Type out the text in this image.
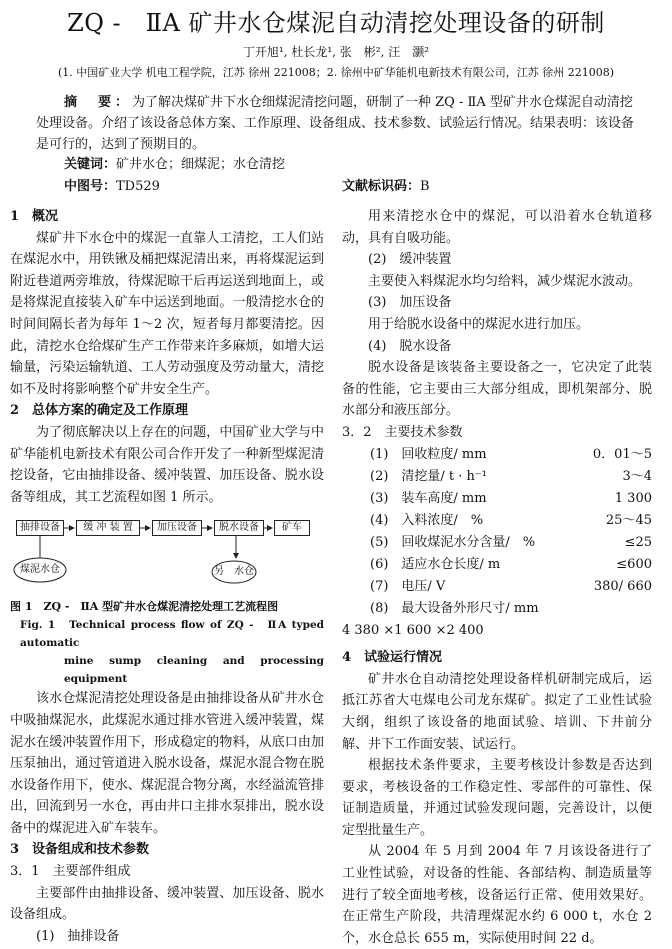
ZQ -　ⅡA 矿井水仓煤泥自动清挖处理设备的研制
丁开旭¹, 杜长龙¹, 张　彬², 汪　灏²
(1. 中国矿业大学 机电工程学院，江苏 徐州 221008；2. 徐州中矿华能机电新技术有限公司，江苏 徐州 221008)

摘　要：为了解决煤矿井下水仓细煤泥清挖问题，研制了一种 ZQ - ⅡA 型矿井水仓煤泥自动清挖处理设备。介绍了该设备总体方案、工作原理、设备组成、技术参数、试验运行情况。结果表明：该设备是可行的，达到了预期目的。

关键词：矿井水仓；细煤泥；水仓清挖
中图号：TD529	文献标识码：B

1　概况

煤矿井下水仓中的煤泥一直靠人工清挖，工人们站在煤泥水中，用铁锹及桶把煤泥清出来，再将煤泥运到附近巷道两旁堆放，待煤泥晾干后再运送到地面上，或是将煤泥直接装入矿车中运送到地面。一般清挖水仓的时间间隔长者为每年 1～2 次，短者每月都要清挖。因此，清挖水仓给煤矿生产工作带来许多麻烦，如增大运输量，污染运输轨道、工人劳动强度及劳动量大，清挖如不及时将影响整个矿井安全生产。

2　总体方案的确定及工作原理

为了彻底解决以上存在的问题，中国矿业大学与中矿华能机电新技术有限公司合作开发了一种新型煤泥清挖设备，它由抽排设备、缓冲装置、加压设备、脱水设备等组成，其工艺流程如图 1 所示。

抽排设备	缓 冲 装 置	加压设备	脱水设备	矿车
煤泥水仓	另　水仓

图 1　ZQ -　ⅡA 型矿井水仓煤泥清挖处理工艺流程图

Fig. 1　Technical process flow of ZQ -　ⅡA typed automatic

mine sump cleaning and processing equipment

该水仓煤泥清挖处理设备是由抽排设备从矿井水仓中吸抽煤泥水，此煤泥水通过排水管进入缓冲装置，煤泥水在缓冲装置作用下，形成稳定的物料，从底口由加压泵抽出，通过管道进入脱水设备，煤泥水混合物在脱水设备作用下，使水、煤泥混合物分离，水经溢流管排出，回流到另一水仓，再由井口主排水泵排出，脱水设备中的煤泥进入矿车装车。

3　设备组成和技术参数

3．1　主要部件组成

主要部件由抽排设备、缓冲装置、加压设备、脱水设备组成。

(1)　抽排设备

用来清挖水仓中的煤泥，可以沿着水仓轨道移动，具有自吸功能。

(2)　缓冲装置

主要使入料煤泥水均匀给料，减少煤泥水波动。

(3)　加压设备

用于给脱水设备中的煤泥水进行加压。

(4)　脱水设备

脱水设备是该装备主要设备之一，它决定了此装备的性能，它主要由三大部分组成，即机架部分、脱水部分和液压部分。

3．2　主要技术参数

(1)　回收粒度/ mm	0．01～5
(2)　清挖量/ t · h⁻¹	3～4
(3)　装车高度/ mm	1 300
(4)　入料浓度/　%	25～45
(5)　回收煤泥水分含量/　%	≤25
(6)　适应水仓长度/ m	≤600
(7)　电压/ V	380/ 660
(8)　最大设备外形尺寸/ mm
4 380 ×1 600 ×2 400

4　试验运行情况

矿井水仓自动清挖处理设备样机研制完成后，运抵江苏省大屯煤电公司龙东煤矿。拟定了工业性试验大纲，组织了该设备的地面试验、培训、下井前分解、井下工作面安装、试运行。

根据技术条件要求，主要考核设计参数是否达到要求，考核设备的工作稳定性、零部件的可靠性、保证制造质量，并通过试验发现问题，完善设计，以便定型批量生产。

从 2004 年 5 月到 2004 年 7 月该设备进行了工业性试验，对设备的性能、各部结构、制造质量等进行了较全面地考核，设备运行正常、使用效果好。在正常生产阶段，共清理煤泥水约 6 000 t，水仓 2 个，水仓总长 655 m，实际使用时间 22 d。
